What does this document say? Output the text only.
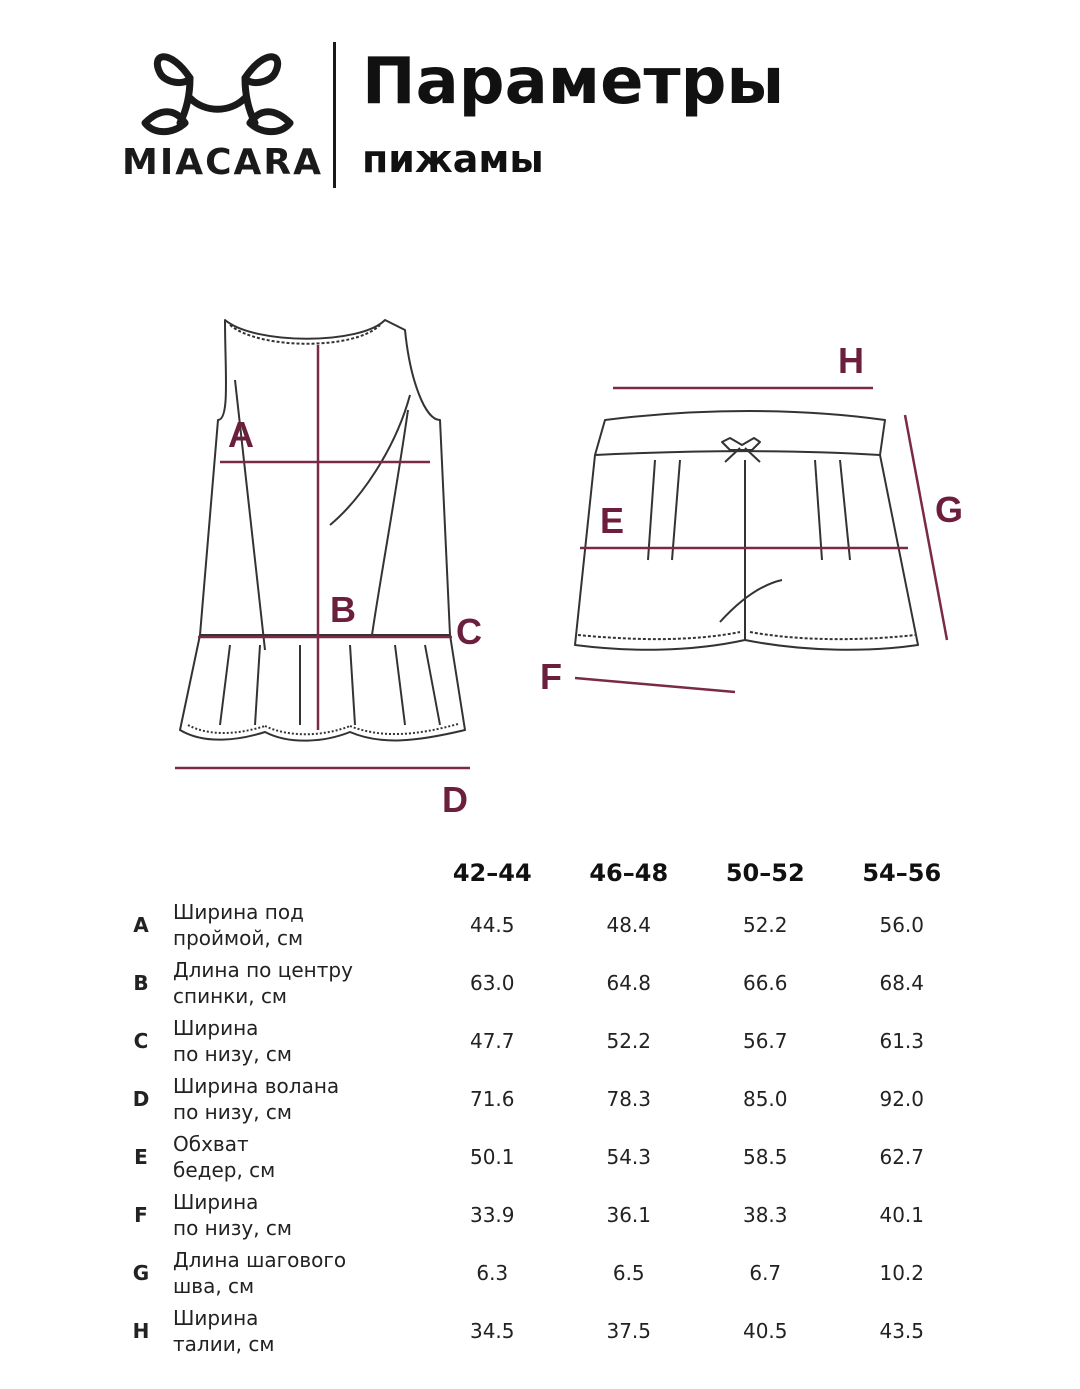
MIACARA
Параметры
пижамы
A
B
C
D
E
F
G
H
		42–44	46–48	50–52	54–56
A	Ширина под
проймой, см	44.5	48.4	52.2	56.0
B	Длина по центру
спинки, см	63.0	64.8	66.6	68.4
C	Ширина
по низу, см	47.7	52.2	56.7	61.3
D	Ширина волана
по низу, см	71.6	78.3	85.0	92.0
E	Обхват
бедер, см	50.1	54.3	58.5	62.7
F	Ширина
по низу, см	33.9	36.1	38.3	40.1
G	Длина шагового
шва, см	6.3	6.5	6.7	10.2
H	Ширина
талии, см	34.5	37.5	40.5	43.5
